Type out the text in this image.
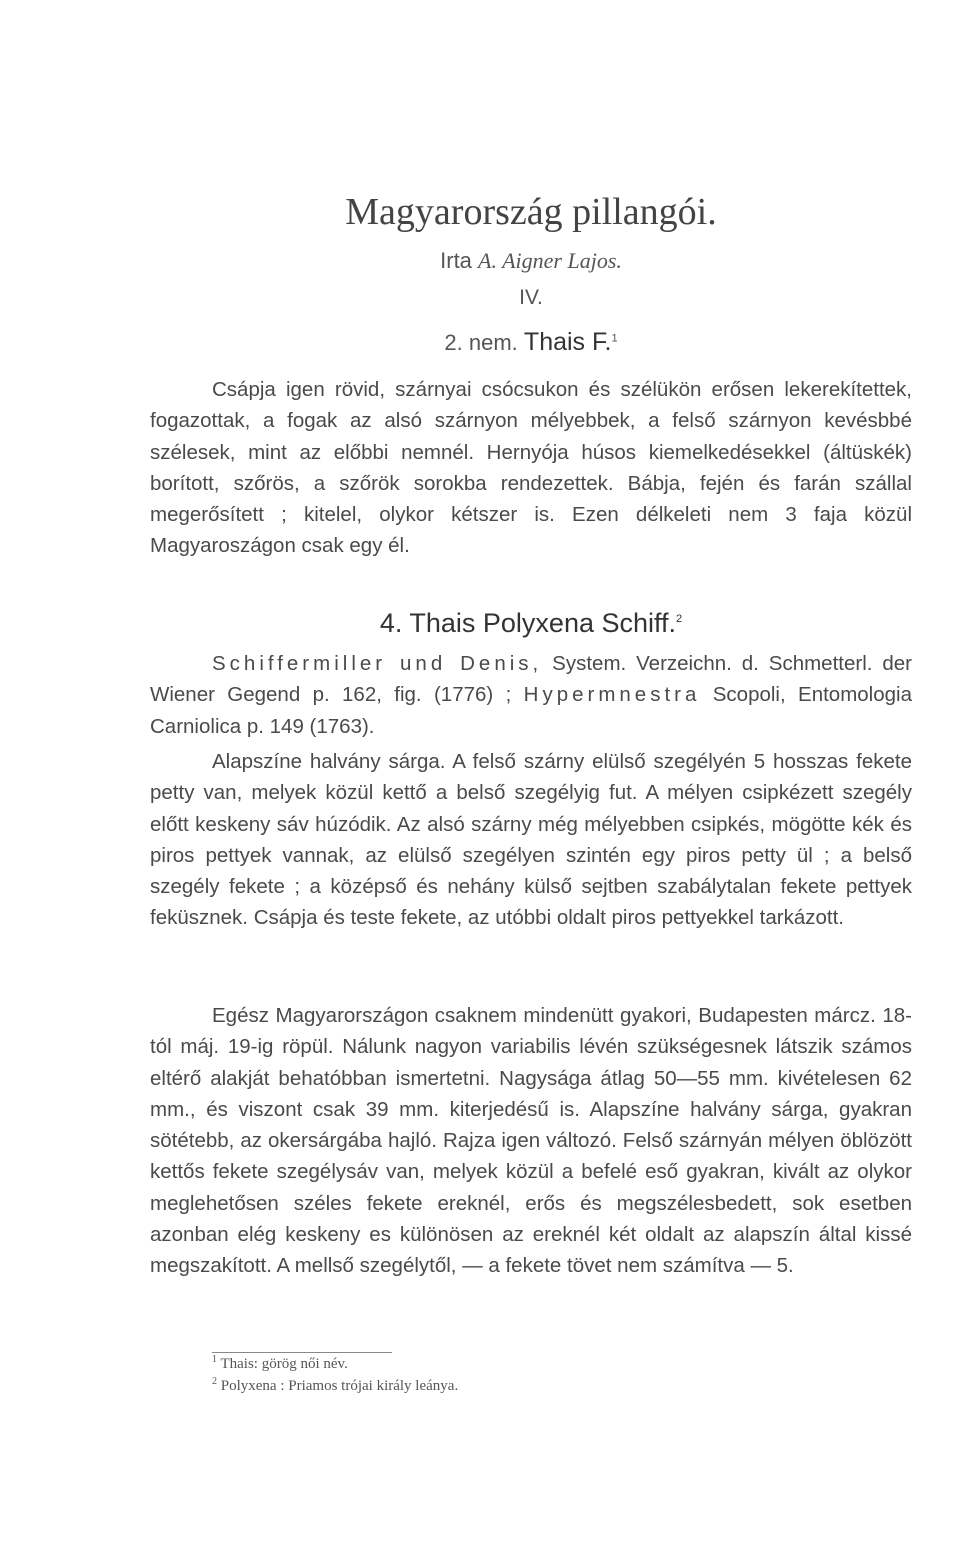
Magyarország pillangói.
Irta A. Aigner Lajos.
IV.
2. nem. Thais F.$^1$
Csápja igen rövid, szárnyai csócsukon és szélükön erősen lekerekítettek, fogazottak, a fogak az alsó szárnyon mélyebbek, a felső szárnyon kevésbbé szélesek, mint az előbbi nemnél. Hernyója húsos kiemelkedésekkel (áltüskék) borított, szőrös, a szőrök sorokba rendezettek. Bábja, fején és farán szállal megerősített ; kitelel, olykor kétszer is. Ezen délkeleti nem 3 faja közül Magyaroszágon csak egy él.
4. Thais Polyxena Schiff.$^2$
Schiffermiller und Denis, System. Verzeichn. d. Schmetterl. der Wiener Gegend p. 162, fig. (1776) ; Hypermnestra Scopoli, Entomologia Carniolica p. 149 (1763).
Alapszíne halvány sárga. A felső szárny elülső szegélyén 5 hosszas fekete petty van, melyek közül kettő a belső szegélyig fut. A mélyen csipkézett szegély előtt keskeny sáv húzódik. Az alsó szárny még mélyebben csipkés, mögötte kék és piros pettyek vannak, az elülső szegélyen szintén egy piros petty ül ; a belső szegély fekete ; a középső és nehány külső sejtben szabálytalan fekete pettyek feküsznek. Csápja és teste fekete, az utóbbi oldalt piros pettyekkel tarkázott.
Egész Magyarországon csaknem mindenütt gyakori, Budapesten márcz. 18-tól máj. 19-ig röpül. Nálunk nagyon variabilis lévén szükségesnek látszik számos eltérő alakját behatóbban ismertetni. Nagysága átlag 50—55 mm. kivételesen 62 mm., és viszont csak 39 mm. kiterjedésű is. Alapszíne halvány sárga, gyakran sötétebb, az okersárgába hajló. Rajza igen változó. Felső szárnyán mélyen öblözött kettős fekete szegélysáv van, melyek közül a befelé eső gyakran, kivált az olykor meglehetősen széles fekete ereknél, erős és megszélesbedett, sok esetben azonban elég keskeny es különösen az ereknél két oldalt az alapszín által kissé megszakított. A mellső szegélytől, — a fekete tövet nem számítva — 5.
$^1$ Thais: görög női név.
$^2$ Polyxena : Priamos trójai király leánya.
